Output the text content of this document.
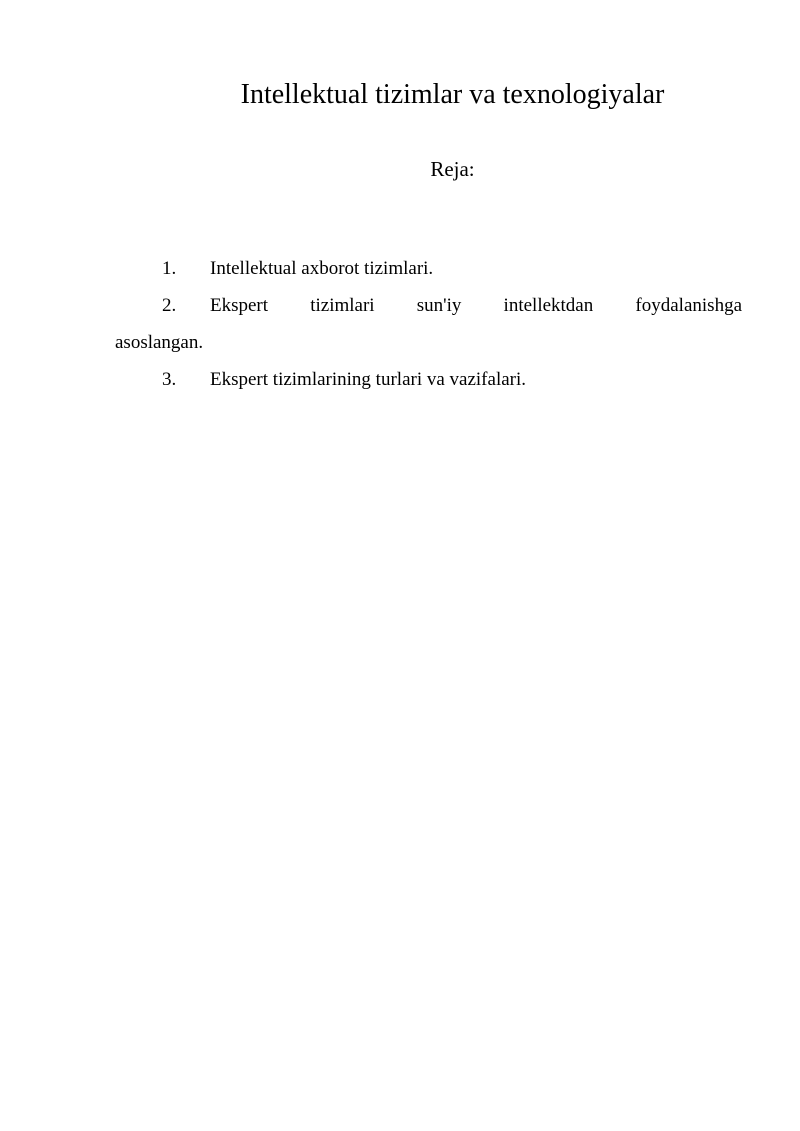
Intellektual tizimlar va texnologiyalar
Reja:
1.	Intellektual axborot tizimlari.
2. Ekspert tizimlari sun'iy intellektdan foydalanishga
asoslangan.
3.	Ekspert tizimlarining turlari va vazifalari.
